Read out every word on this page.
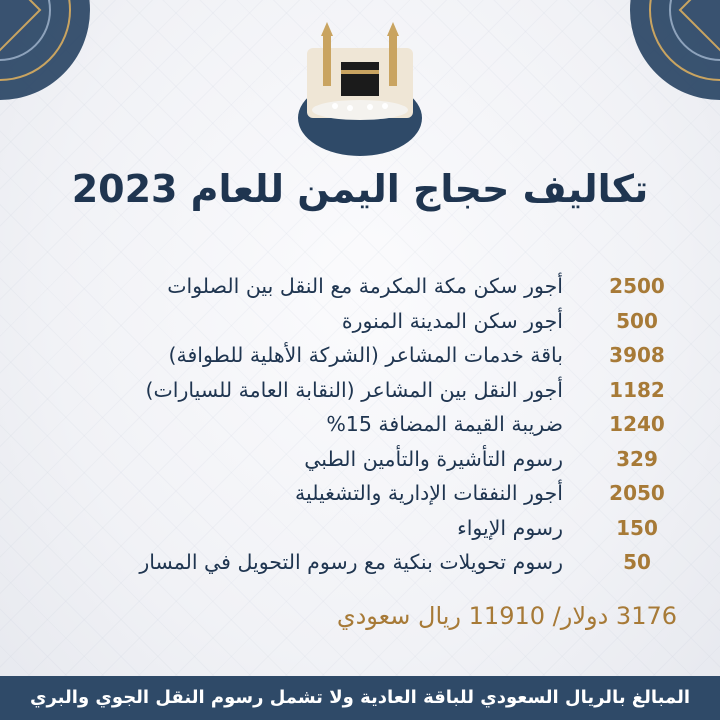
تكاليف حجاج اليمن للعام 2023
أجور سكن مكة المكرمة مع النقل بين الصلوات	2500
أجور سكن المدينة المنورة	500
باقة خدمات المشاعر (الشركة الأهلية للطوافة)	3908
أجور النقل بين المشاعر (النقابة العامة للسيارات)	1182
ضريبة القيمة المضافة 15%	1240
رسوم التأشيرة والتأمين الطبي	329
أجور النفقات الإدارية والتشغيلية	2050
رسوم الإيواء	150
رسوم تحويلات بنكية مع رسوم التحويل في المسار	50
3176 دولار/ 11910 ريال سعودي
المبالغ بالريال السعودي للباقة العادية ولا تشمل رسوم النقل الجوي والبري
